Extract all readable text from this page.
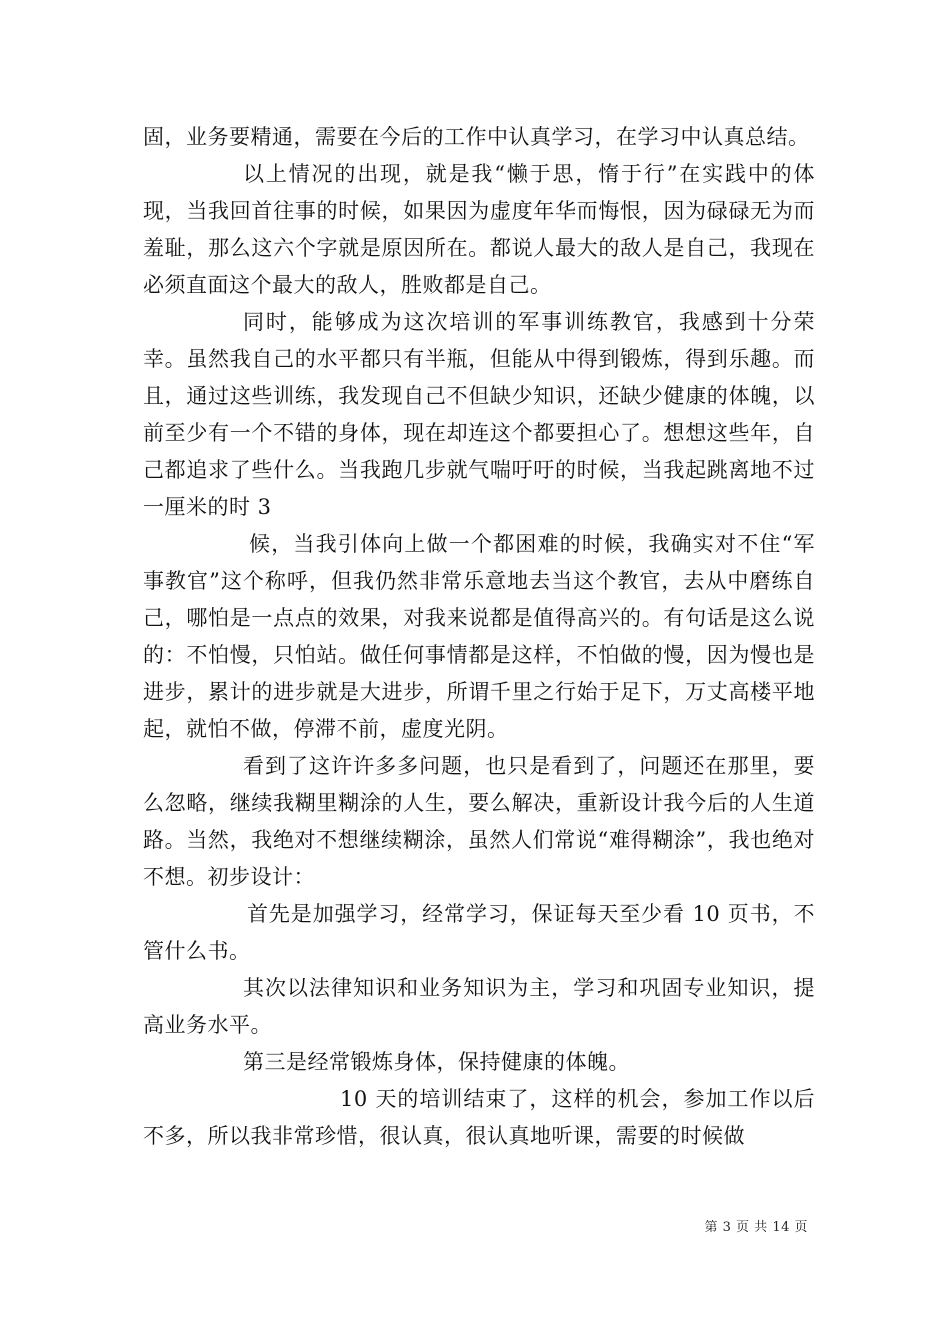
固，业务要精通，需要在今后的工作中认真学习，在学习中认真总结。

以上情况的出现，就是我“懒于思，惰于行”在实践中的体现，当我回首往事的时候，如果因为虚度年华而悔恨，因为碌碌无为而羞耻，那么这六个字就是原因所在。都说人最大的敌人是自己，我现在必须直面这个最大的敌人，胜败都是自己。

同时，能够成为这次培训的军事训练教官，我感到十分荣幸。虽然我自己的水平都只有半瓶，但能从中得到锻炼，得到乐趣。而且，通过这些训练，我发现自己不但缺少知识，还缺少健康的体魄，以前至少有一个不错的身体，现在却连这个都要担心了。想想这些年，自己都追求了些什么。当我跑几步就气喘吁吁的时候，当我起跳离地不过一厘米的时 3

候，当我引体向上做一个都困难的时候，我确实对不住“军事教官”这个称呼，但我仍然非常乐意地去当这个教官，去从中磨练自己，哪怕是一点点的效果，对我来说都是值得高兴的。有句话是这么说的：不怕慢，只怕站。做任何事情都是这样，不怕做的慢，因为慢也是进步，累计的进步就是大进步，所谓千里之行始于足下，万丈高楼平地起，就怕不做，停滞不前，虚度光阴。

看到了这许许多多问题，也只是看到了，问题还在那里，要么忽略，继续我糊里糊涂的人生，要么解决，重新设计我今后的人生道路。当然，我绝对不想继续糊涂，虽然人们常说“难得糊涂”，我也绝对不想。初步设计：

首先是加强学习，经常学习，保证每天至少看 10 页书，不管什么书。

其次以法律知识和业务知识为主，学习和巩固专业知识，提高业务水平。

第三是经常锻炼身体，保持健康的体魄。

10 天的培训结束了，这样的机会，参加工作以后不多，所以我非常珍惜，很认真，很认真地听课，需要的时候做

第 3 页 共 14 页
